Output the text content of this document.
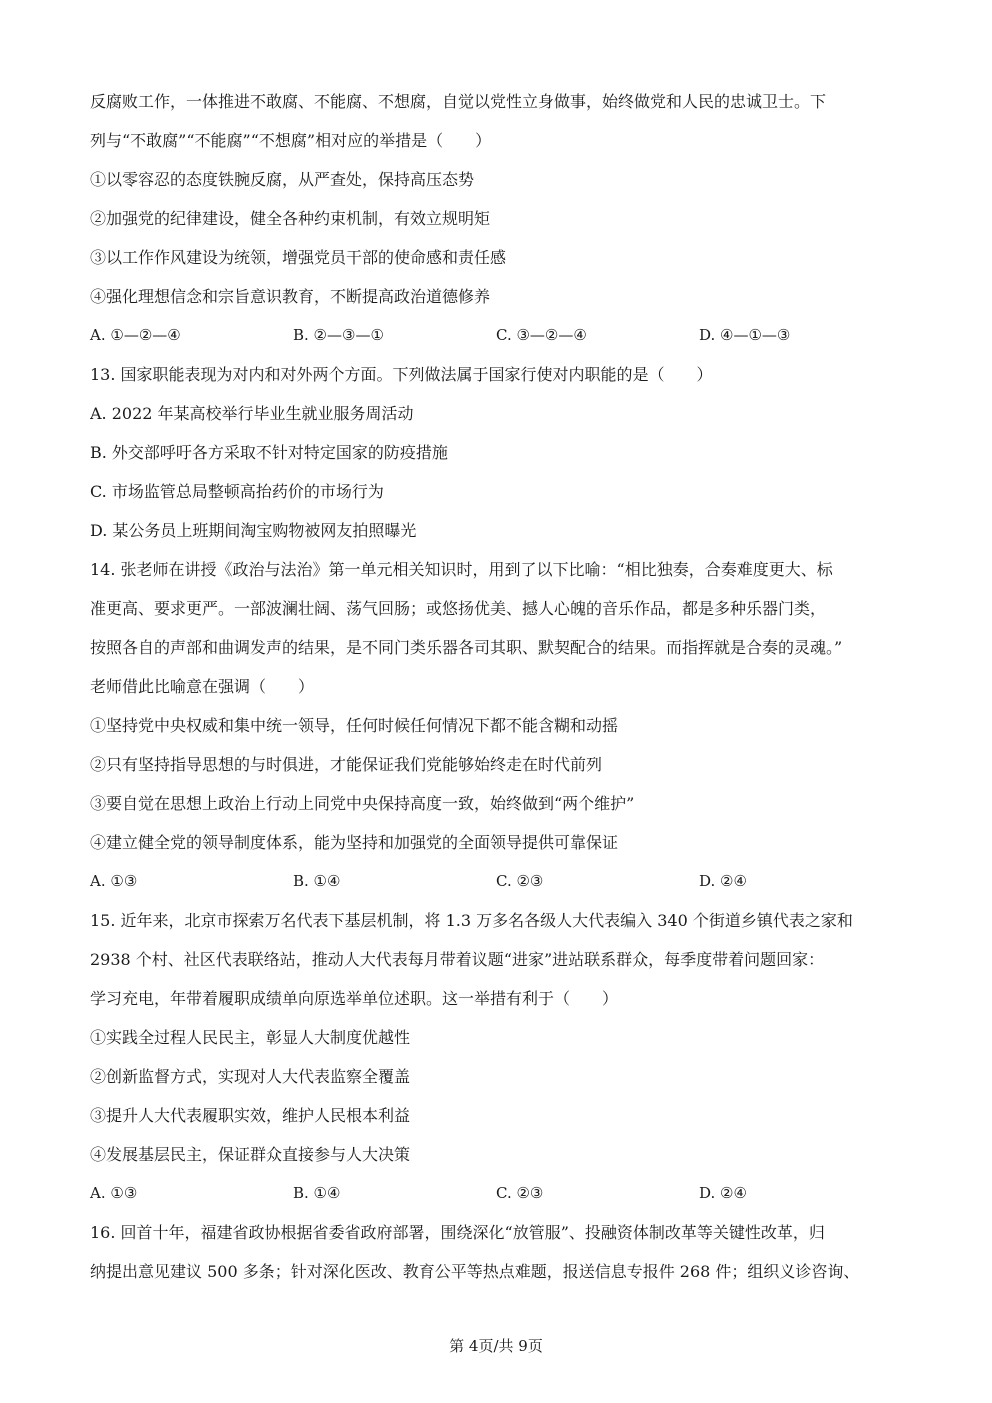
反腐败工作，一体推进不敢腐、不能腐、不想腐，自觉以党性立身做事，始终做党和人民的忠诚卫士。下
列与“不敢腐”“不能腐”“不想腐”相对应的举措是（　　）
①以零容忍的态度铁腕反腐，从严查处，保持高压态势
②加强党的纪律建设，健全各种约束机制，有效立规明矩
③以工作作风建设为统领，增强党员干部的使命感和责任感
④强化理想信念和宗旨意识教育，不断提高政治道德修养
A. ①—②—④	B. ②—③—①	C. ③—②—④	D. ④—①—③
13. 国家职能表现为对内和对外两个方面。下列做法属于国家行使对内职能的是（　　）
A. 2022 年某高校举行毕业生就业服务周活动
B. 外交部呼吁各方采取不针对特定国家的防疫措施
C. 市场监管总局整顿高抬药价的市场行为
D. 某公务员上班期间淘宝购物被网友拍照曝光
14. 张老师在讲授《政治与法治》第一单元相关知识时，用到了以下比喻：“相比独奏，合奏难度更大、标
准更高、要求更严。一部波澜壮阔、荡气回肠；或悠扬优美、撼人心魄的音乐作品，都是多种乐器门类，
按照各自的声部和曲调发声的结果，是不同门类乐器各司其职、默契配合的结果。而指挥就是合奏的灵魂。”
老师借此比喻意在强调（　　）
①坚持党中央权威和集中统一领导，任何时候任何情况下都不能含糊和动摇
②只有坚持指导思想的与时俱进，才能保证我们党能够始终走在时代前列
③要自觉在思想上政治上行动上同党中央保持高度一致，始终做到“两个维护”
④建立健全党的领导制度体系，能为坚持和加强党的全面领导提供可靠保证
A. ①③	B. ①④	C. ②③	D. ②④
15. 近年来，北京市探索万名代表下基层机制，将 1.3 万多名各级人大代表编入 340 个街道乡镇代表之家和
2938 个村、社区代表联络站，推动人大代表每月带着议题“进家”进站联系群众，每季度带着问题回家：
学习充电，年带着履职成绩单向原选举单位述职。这一举措有利于（　　）
①实践全过程人民民主，彰显人大制度优越性
②创新监督方式，实现对人大代表监察全覆盖
③提升人大代表履职实效，维护人民根本利益
④发展基层民主，保证群众直接参与人大决策
A. ①③	B. ①④	C. ②③	D. ②④
16. 回首十年，福建省政协根据省委省政府部署，围绕深化“放管服”、投融资体制改革等关键性改革，归
纳提出意见建议 500 多条；针对深化医改、教育公平等热点难题，报送信息专报件 268 件；组织义诊咨询、
第 4页/共 9页
